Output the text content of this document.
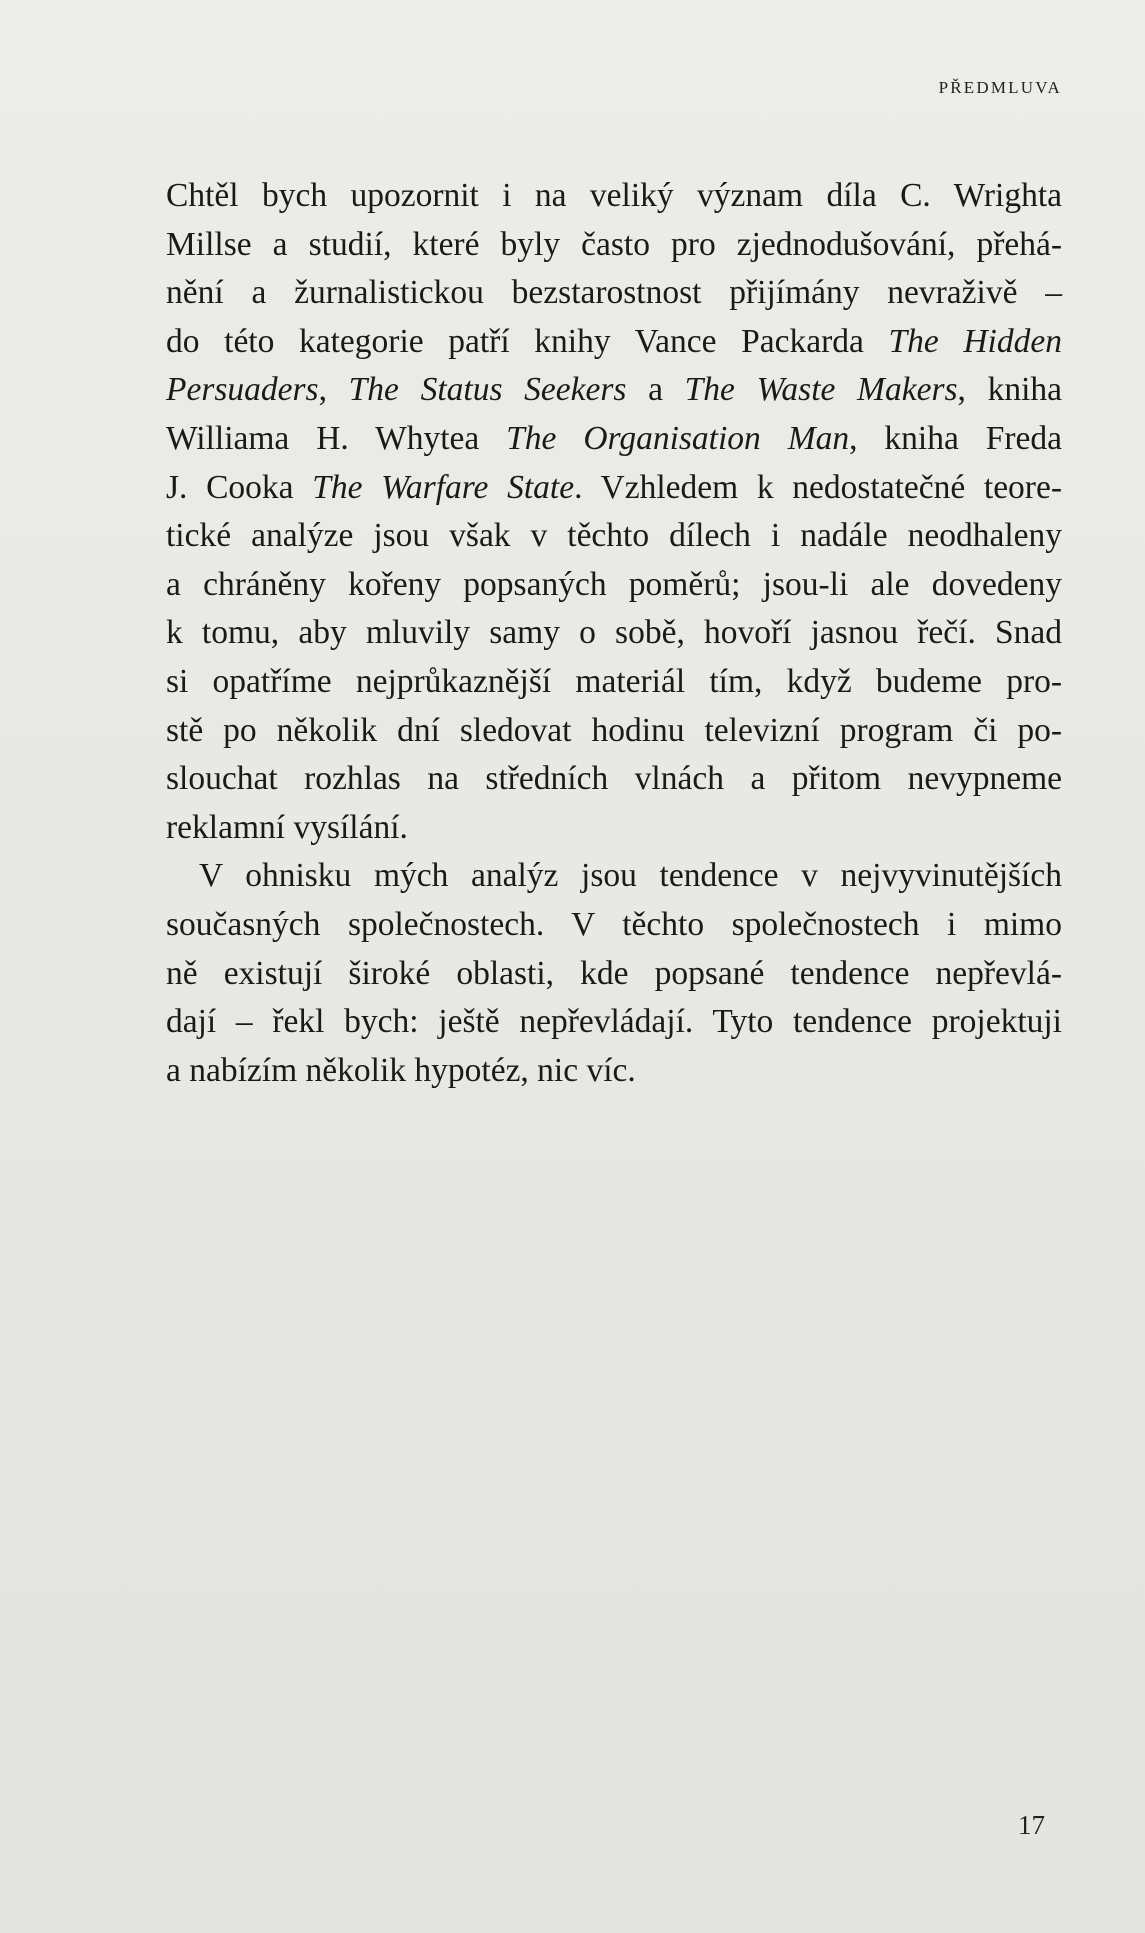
PŘEDMLUVA
Chtěl bych upozornit i na veliký význam díla C. Wrighta
Millse a studií, které byly často pro zjednodušování, přehá-
nění a žurnalistickou bezstarostnost přijímány nevraživě –
do této kategorie patří knihy Vance Packarda The Hidden
Persuaders, The Status Seekers a The Waste Makers, kniha
Williama H. Whytea The Organisation Man, kniha Freda
J. Cooka The Warfare State. Vzhledem k nedostatečné teore-
tické analýze jsou však v těchto dílech i nadále neodhaleny
a chráněny kořeny popsaných poměrů; jsou-li ale dovedeny
k tomu, aby mluvily samy o sobě, hovoří jasnou řečí. Snad
si opatříme nejprůkaznější materiál tím, když budeme pro-
stě po několik dní sledovat hodinu televizní program či po-
slouchat rozhlas na středních vlnách a přitom nevypneme
reklamní vysílání.
V ohnisku mých analýz jsou tendence v nejvyvinutějších
současných společnostech. V těchto společnostech i mimo
ně existují široké oblasti, kde popsané tendence nepřevlá-
dají – řekl bych: ještě nepřevládají. Tyto tendence projektuji
a nabízím několik hypotéz, nic víc.
17
